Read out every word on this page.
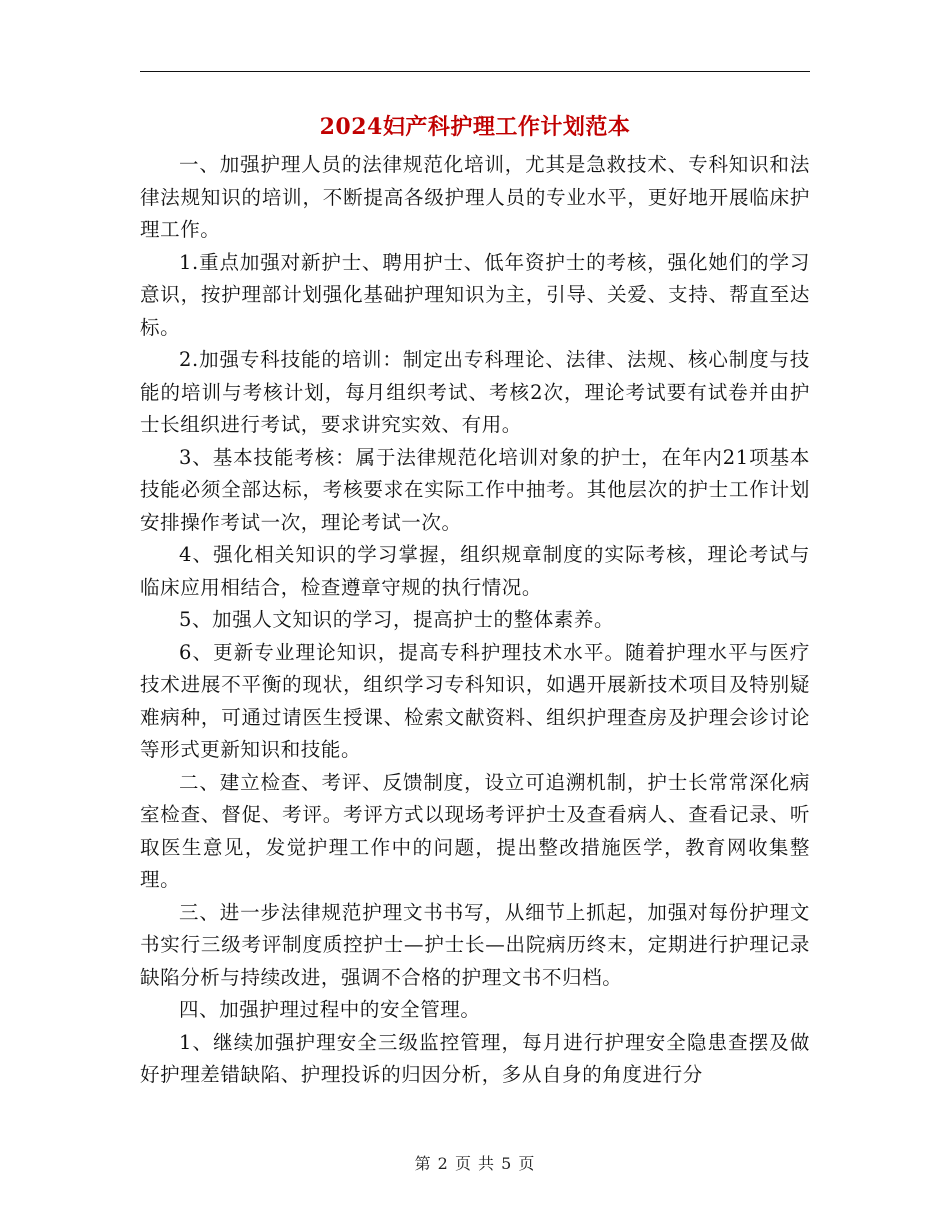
2024妇产科护理工作计划范本

一、加强护理人员的法律规范化培训，尤其是急救技术、专科知识和法律法规知识的培训，不断提高各级护理人员的专业水平，更好地开展临床护理工作。

1.重点加强对新护士、聘用护士、低年资护士的考核，强化她们的学习意识，按护理部计划强化基础护理知识为主，引导、关爱、支持、帮直至达标。

2.加强专科技能的培训：制定出专科理论、法律、法规、核心制度与技能的培训与考核计划，每月组织考试、考核2次，理论考试要有试卷并由护士长组织进行考试，要求讲究实效、有用。

3、基本技能考核：属于法律规范化培训对象的护士，在年内21项基本技能必须全部达标，考核要求在实际工作中抽考。其他层次的护士工作计划安排操作考试一次，理论考试一次。

4、强化相关知识的学习掌握，组织规章制度的实际考核，理论考试与临床应用相结合，检查遵章守规的执行情况。

5、加强人文知识的学习，提高护士的整体素养。

6、更新专业理论知识，提高专科护理技术水平。随着护理水平与医疗技术进展不平衡的现状，组织学习专科知识，如遇开展新技术项目及特别疑难病种，可通过请医生授课、检索文献资料、组织护理查房及护理会诊讨论等形式更新知识和技能。

二、建立检查、考评、反馈制度，设立可追溯机制，护士长常常深化病室检查、督促、考评。考评方式以现场考评护士及查看病人、查看记录、听取医生意见，发觉护理工作中的问题，提出整改措施医学，教育网收集整理。

三、进一步法律规范护理文书书写，从细节上抓起，加强对每份护理文书实行三级考评制度质控护士—护士长—出院病历终末，定期进行护理记录缺陷分析与持续改进，强调不合格的护理文书不归档。

四、加强护理过程中的安全管理。

1、继续加强护理安全三级监控管理，每月进行护理安全隐患查摆及做好护理差错缺陷、护理投诉的归因分析，多从自身的角度进行分

第 2 页 共 5 页
